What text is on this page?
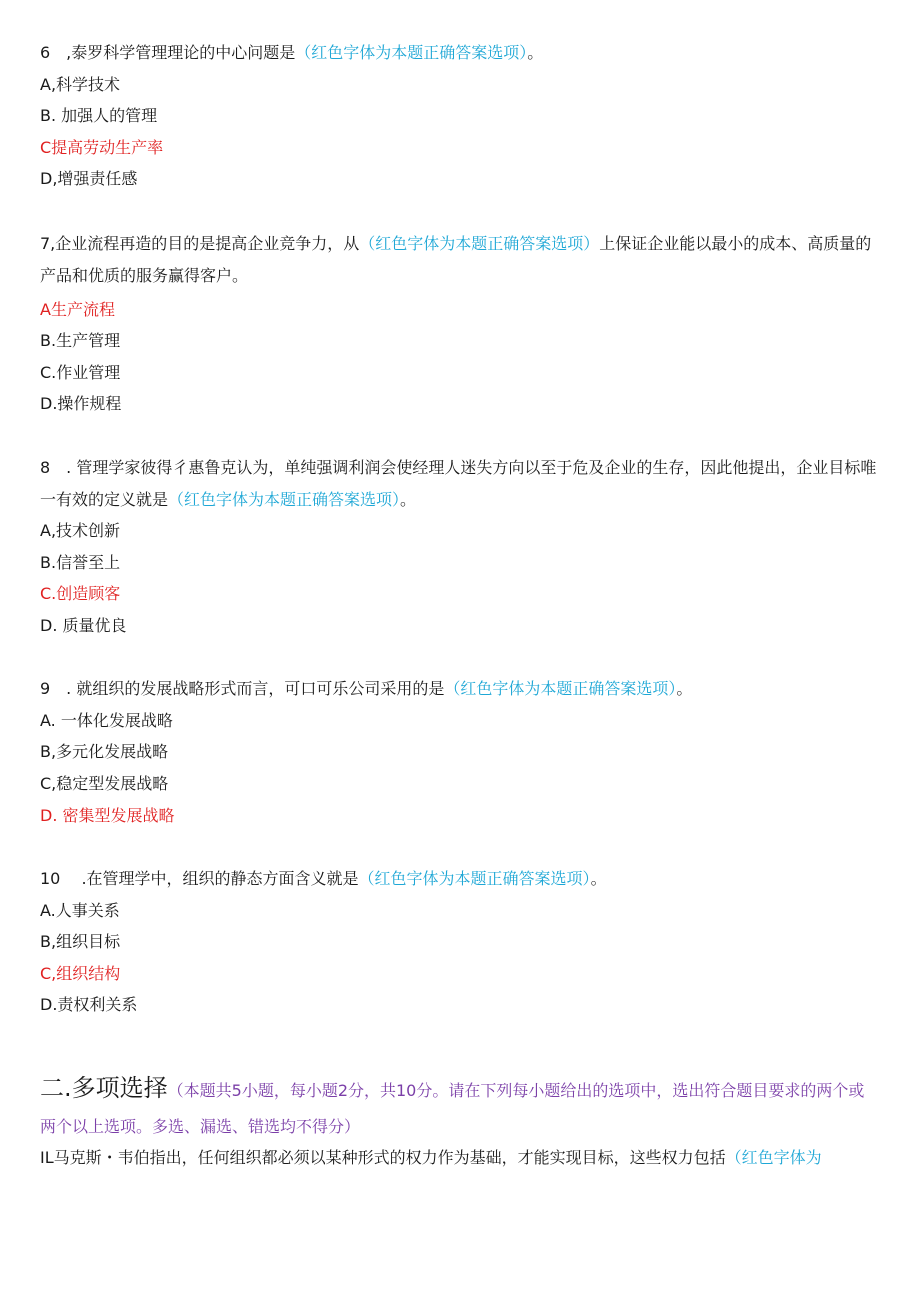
6　,泰罗科学管理理论的中心问题是（红色字体为本题正确答案选项）。
A,科学技术
B. 加强人的管理
C提高劳动生产率
D,增强责任感
7,企业流程再造的目的是提高企业竞争力，从（红色字体为本题正确答案选项）上保证企业能以最小的成本、高质量的产品和优质的服务赢得客户。
A生产流程
B.生产管理
C.作业管理
D.操作规程
8　. 管理学家彼得彳惠鲁克认为，单纯强调利润会使经理人迷失方向以至于危及企业的生存，因此他提出，企业目标唯一有效的定义就是（红色字体为本题正确答案选项）。
A,技术创新
B.信誉至上
C.创造顾客
D. 质量优良
9　. 就组织的发展战略形式而言，可口可乐公司采用的是（红色字体为本题正确答案选项）。
A. 一体化发展战略
B,多元化发展战略
C,稳定型发展战略
D. 密集型发展战略
10　 .在管理学中，组织的静态方面含义就是（红色字体为本题正确答案选项）。
A.人事关系
B,组织目标
C,组织结构
D.责权利关系
二.多项选择（本题共5小题，每小题2分，共10分。请在下列每小题给出的选项中，选出符合题目要求的两个或两个以上选项。多选、漏选、错选均不得分）
IL马克斯・韦伯指出，任何组织都必须以某种形式的权力作为基础，才能实现目标，这些权力包括（红色字体为
